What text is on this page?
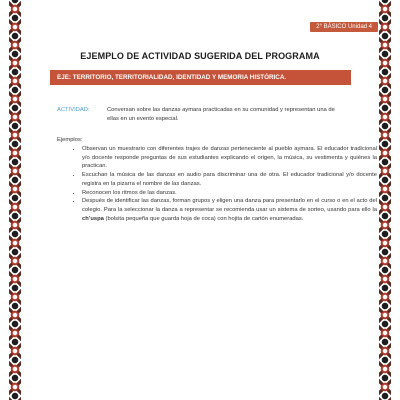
2° BÁSICO Unidad 4
EJEMPLO DE ACTIVIDAD SUGERIDA DEL PROGRAMA
EJE: TERRITORIO, TERRITORIALIDAD, IDENTIDAD Y MEMORIA HISTÓRICA.
ACTIVIDAD:	Conversan sobre las danzas aymara practicadas en su comunidad y representan una de ellas en un evento especial.
Ejemplos:
• Observan un muestrario con diferentes trajes de danzas perteneciente al pueblo aymara. El educador tradicional y/o docente responde preguntas de sus estudiantes explicando el origen, la música, su vestimenta y quiénes la practican.
• Escuchan la música de las danzas en audio para discriminar una de otra. El educador tradicional y/o docente registra en la pizarra el nombre de las danzas.
• Reconocen los ritmos de las danzas.
• Después de identificar las danzas, forman grupos y eligen una danza para presentarlo en el curso o en el acto del colegio. Para la seleccionar la danza a representar se recomienda usar un sistema de sorteo, usando para ello la ch’uspa (bolsita pequeña que guarda hoja de coca) con hojita de cartón enumeradas.
